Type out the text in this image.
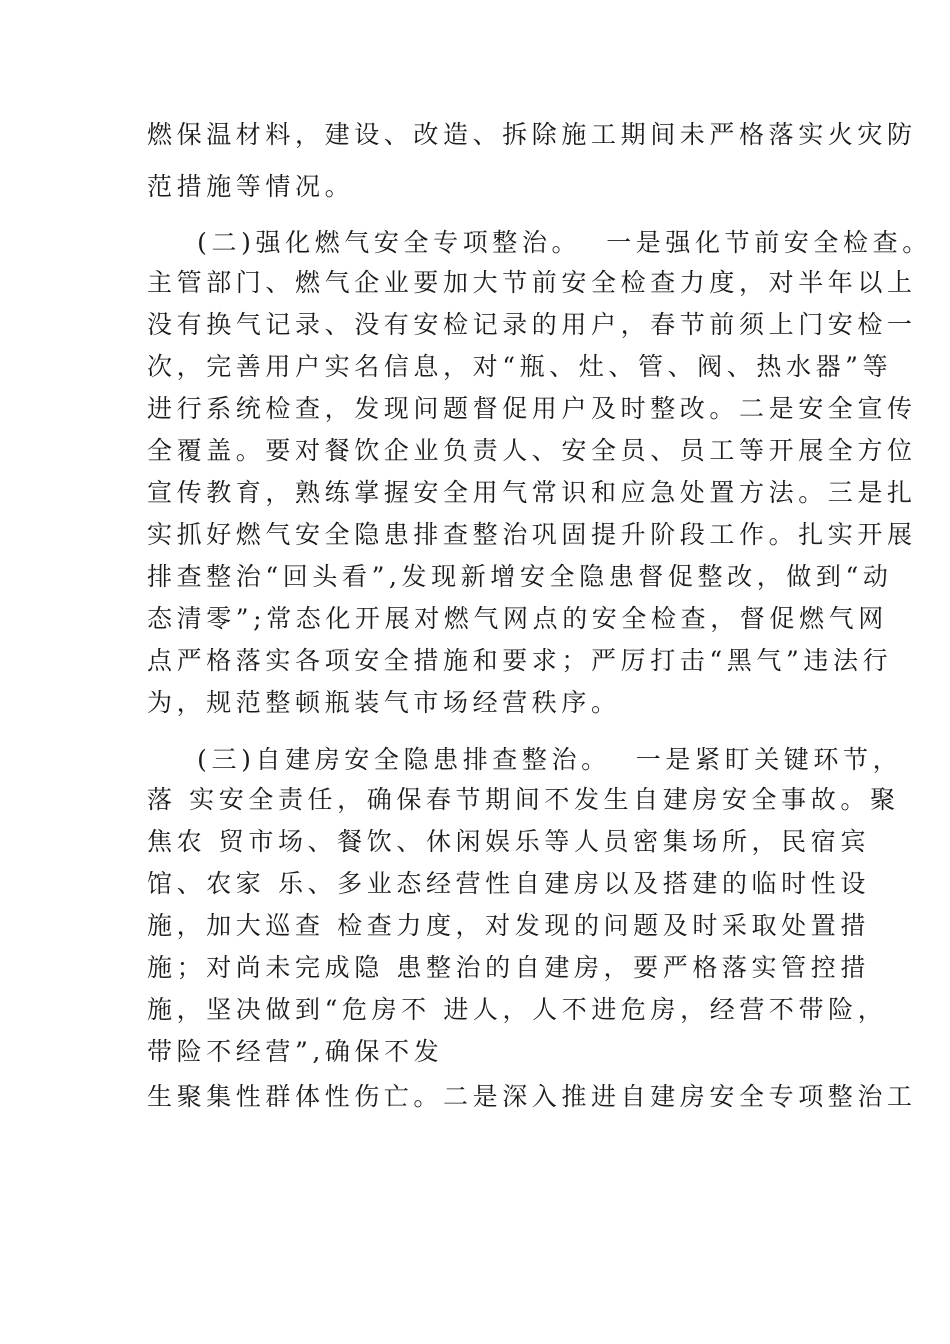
燃保温材料，建设、改造、拆除施工期间未严格落实火灾防
范措施等情况。
(二)强化燃气安全专项整治。  一是强化节前安全检查。
主管部门、燃气企业要加大节前安全检查力度，对半年以上
没有换气记录、没有安检记录的用户，春节前须上门安检一
次，完善用户实名信息，对“瓶、灶、管、阀、热水器”等
进行系统检查，发现问题督促用户及时整改。二是安全宣传
全覆盖。要对餐饮企业负责人、安全员、员工等开展全方位
宣传教育，熟练掌握安全用气常识和应急处置方法。三是扎
实抓好燃气安全隐患排查整治巩固提升阶段工作。扎实开展
排查整治“回头看”,发现新增安全隐患督促整改，做到“动
态清零”;常态化开展对燃气网点的安全检查，督促燃气网
点严格落实各项安全措施和要求；严厉打击“黑气”违法行
为，规范整顿瓶装气市场经营秩序。
(三)自建房安全隐患排查整治。  一是紧盯关键环节，
落 实安全责任，确保春节期间不发生自建房安全事故。聚
焦农 贸市场、餐饮、休闲娱乐等人员密集场所，民宿宾
馆、农家 乐、多业态经营性自建房以及搭建的临时性设
施，加大巡查 检查力度，对发现的问题及时采取处置措
施；对尚未完成隐 患整治的自建房，要严格落实管控措
施，坚决做到“危房不 进人，人不进危房，经营不带险，
带险不经营”,确保不发
生聚集性群体性伤亡。二是深入推进自建房安全专项整治工
